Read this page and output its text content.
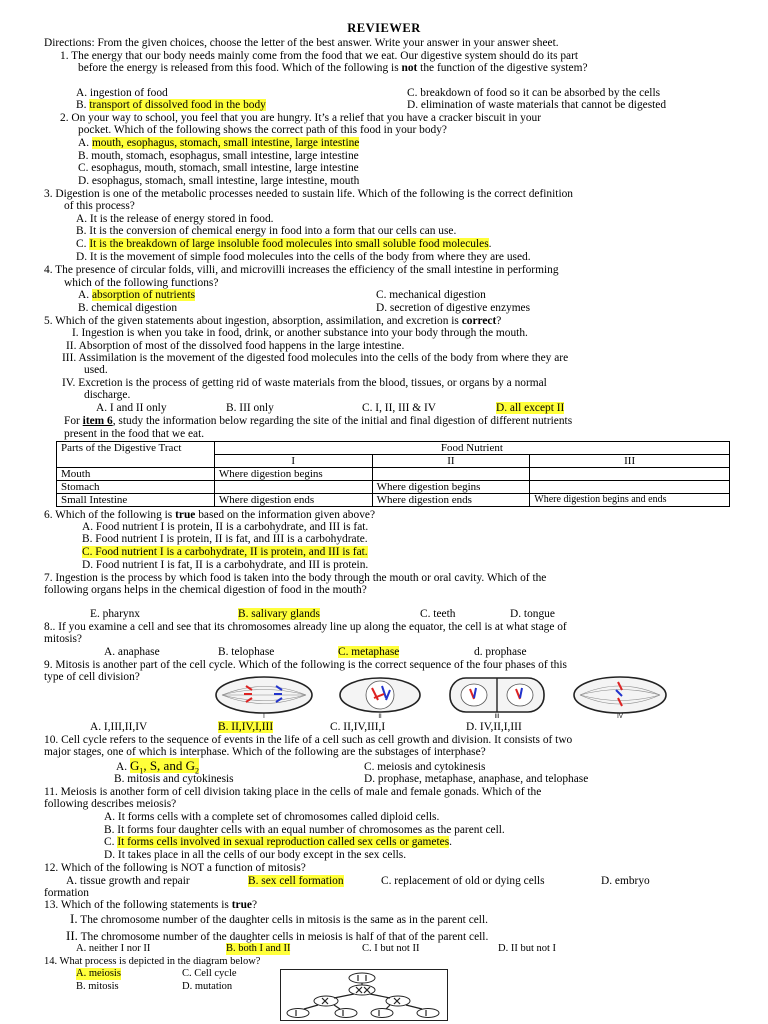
REVIEWER
Directions: From the given choices, choose the letter of the best answer. Write your answer in your answer sheet.
1. The energy that our body needs mainly come from the food that we eat. Our digestive system should do its part
before the energy is released from this food. Which of the following is not the function of the digestive system?
A. ingestion of food	C. breakdown of food so it can be absorbed by the cells
B. transport of dissolved food in the body	D. elimination of waste materials that cannot be digested
2. On your way to school, you feel that you are hungry. It’s a relief that you have a cracker biscuit in your
pocket. Which of the following shows the correct path of this food in your body?
A. mouth, esophagus, stomach, small intestine, large intestine
B. mouth, stomach, esophagus, small intestine, large intestine
C. esophagus, mouth, stomach, small intestine, large intestine
D. esophagus, stomach, small intestine, large intestine, mouth
3. Digestion is one of the metabolic processes needed to sustain life. Which of the following is the correct definition
of this process?
A. It is the release of energy stored in food.
B. It is the conversion of chemical energy in food into a form that our cells can use.
C. It is the breakdown of large insoluble food molecules into small soluble food molecules.
D. It is the movement of simple food molecules into the cells of the body from where they are used.
4. The presence of circular folds, villi, and microvilli increases the efficiency of the small intestine in performing
which of the following functions?
A. absorption of nutrients	C. mechanical digestion
B. chemical digestion	D. secretion of digestive enzymes
5. Which of the given statements about ingestion, absorption, assimilation, and excretion is correct?
I. Ingestion is when you take in food, drink, or another substance into your body through the mouth.
II. Absorption of most of the dissolved food happens in the large intestine.
III. Assimilation is the movement of the digested food molecules into the cells of the body from where they are
used.
IV. Excretion is the process of getting rid of waste materials from the blood, tissues, or organs by a normal
discharge.
A. I and II only	B. III only	C. I, II, III & IV	D. all except II
For item 6, study the information below regarding the site of the initial and final digestion of different nutrients
present in the food that we eat.
Parts of the Digestive Tract	Food Nutrient		
	I	II	III
Mouth	Where digestion begins		
Stomach		Where digestion begins	
Small Intestine	Where digestion ends	Where digestion ends	Where digestion begins and ends
6. Which of the following is true based on the information given above?
A. Food nutrient I is protein, II is a carbohydrate, and III is fat.
B. Food nutrient I is protein, II is fat, and III is a carbohydrate.
C. Food nutrient I is a carbohydrate, II is protein, and III is fat.
D. Food nutrient I is fat, II is a carbohydrate, and III is protein.
7. Ingestion is the process by which food is taken into the body through the mouth or oral cavity. Which of the
following organs helps in the chemical digestion of food in the mouth?
E. pharynx	B. salivary glands	C. teeth	D. tongue
8.. If you examine a cell and see that its chromosomes already line up along the equator, the cell is at what stage of
mitosis?
A. anaphase	B. telophase	C. metaphase	d. prophase
9. Mitosis is another part of the cell cycle. Which of the following is the correct sequence of the four phases of this
type of cell division?
I	II	III	IV
A. I,III,II,IV	B. II,IV,I,III	C. II,IV,III,I	D. IV,II,I,III
10. Cell cycle refers to the sequence of events in the life of a cell such as cell growth and division. It consists of two
major stages, one of which is interphase. Which of the following are the substages of interphase?
A. $G_1$, S, and $G_2$	C. meiosis and cytokinesis
B. mitosis and cytokinesis	D. prophase, metaphase, anaphase, and telophase
11. Meiosis is another form of cell division taking place in the cells of male and female gonads. Which of the
following describes meiosis?
A. It forms cells with a complete set of chromosomes called diploid cells.
B. It forms four daughter cells with an equal number of chromosomes as the parent cell.
C. It forms cells involved in sexual reproduction called sex cells or gametes.
D. It takes place in all the cells of our body except in the sex cells.
12. Which of the following is NOT a function of mitosis?
A. tissue growth and repair	B. sex cell formation	C. replacement of old or dying cells	D. embryo
formation
13. Which of the following statements is true?
I. The chromosome number of the daughter cells in mitosis is the same as in the parent cell.
II. The chromosome number of the daughter cells in meiosis is half of that of the parent cell.
A. neither I nor II	B. both I and II	C. I but not II	D. II but not I
14. What process is depicted in the diagram below?
A. meiosis	C. Cell cycle
B. mitosis	D. mutation
